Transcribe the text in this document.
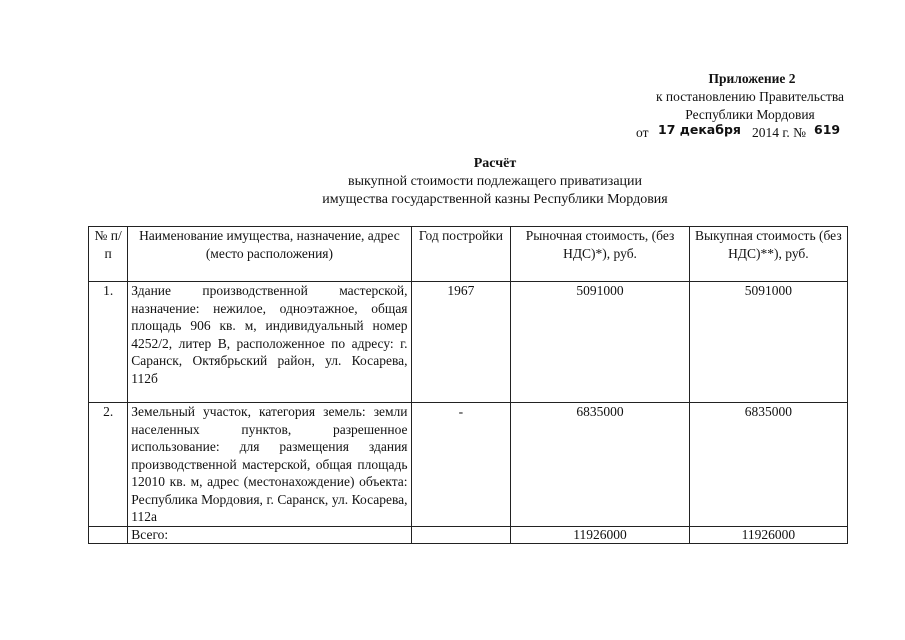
Приложение 2
к постановлению Правительства
Республики Мордовия
от 17 декабря 2014 г. № 619
Расчёт
выкупной стоимости подлежащего приватизации
имущества государственной казны Республики Мордовия
№ п/п	Наименование имущества, назначение, адрес (место расположения)	Год постройки	Рыночная стоимость, (без НДС)*), руб.	Выкупная стоимость (без НДС)**), руб.
1.	Здание производственной мастерской, назначение: нежилое, одноэтажное, общая площадь 906 кв. м, индивидуальный номер 4252/2, литер В, расположенное по адресу: г. Саранск, Октябрьский район, ул. Косарева, 112б	1967	5091000	5091000
2.	Земельный участок, категория земель: земли населенных пунктов, разрешенное использование: для размещения здания производственной мастерской, общая площадь 12010 кв. м, адрес (местонахождение) объекта: Республика Мордовия, г. Саранск, ул. Косарева, 112а	-	6835000	6835000
	Всего:		11926000	11926000
